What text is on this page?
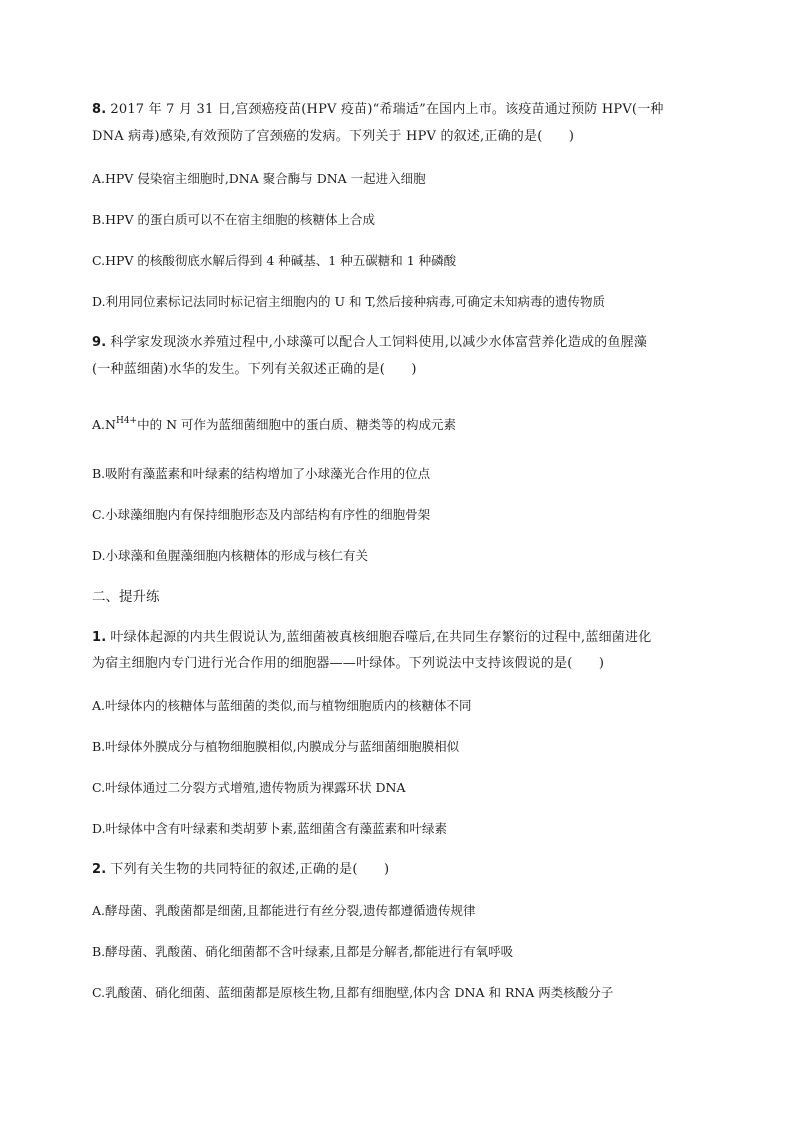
8. 2017 年 7 月 31 日,宫颈癌疫苗(HPV 疫苗)“希瑞适”在国内上市。该疫苗通过预防 HPV(一种
DNA 病毒)感染,有效预防了宫颈癌的发病。下列关于 HPV 的叙述,正确的是(　　)
A.HPV 侵染宿主细胞时,DNA 聚合酶与 DNA 一起进入细胞
B.HPV 的蛋白质可以不在宿主细胞的核糖体上合成
C.HPV 的核酸彻底水解后得到 4 种碱基、1 种五碳糖和 1 种磷酸
D.利用同位素标记法同时标记宿主细胞内的 U 和 T,然后接种病毒,可确定未知病毒的遗传物质
9. 科学家发现淡水养殖过程中,小球藻可以配合人工饲料使用,以减少水体富营养化造成的鱼腥藻
(一种蓝细菌)水华的发生。下列有关叙述正确的是(　　)
$A.N^{H4+}$中的 N 可作为蓝细菌细胞中的蛋白质、糖类等的构成元素
B.吸附有藻蓝素和叶绿素的结构增加了小球藻光合作用的位点
C.小球藻细胞内有保持细胞形态及内部结构有序性的细胞骨架
D.小球藻和鱼腥藻细胞内核糖体的形成与核仁有关
二、提升练
1. 叶绿体起源的内共生假说认为,蓝细菌被真核细胞吞噬后,在共同生存繁衍的过程中,蓝细菌进化
为宿主细胞内专门进行光合作用的细胞器——叶绿体。下列说法中支持该假说的是(　　)
A.叶绿体内的核糖体与蓝细菌的类似,而与植物细胞质内的核糖体不同
B.叶绿体外膜成分与植物细胞膜相似,内膜成分与蓝细菌细胞膜相似
C.叶绿体通过二分裂方式增殖,遗传物质为裸露环状 DNA
D.叶绿体中含有叶绿素和类胡萝卜素,蓝细菌含有藻蓝素和叶绿素
2. 下列有关生物的共同特征的叙述,正确的是(　　)
A.酵母菌、乳酸菌都是细菌,且都能进行有丝分裂,遗传都遵循遗传规律
B.酵母菌、乳酸菌、硝化细菌都不含叶绿素,且都是分解者,都能进行有氧呼吸
C.乳酸菌、硝化细菌、蓝细菌都是原核生物,且都有细胞壁,体内含 DNA 和 RNA 两类核酸分子
